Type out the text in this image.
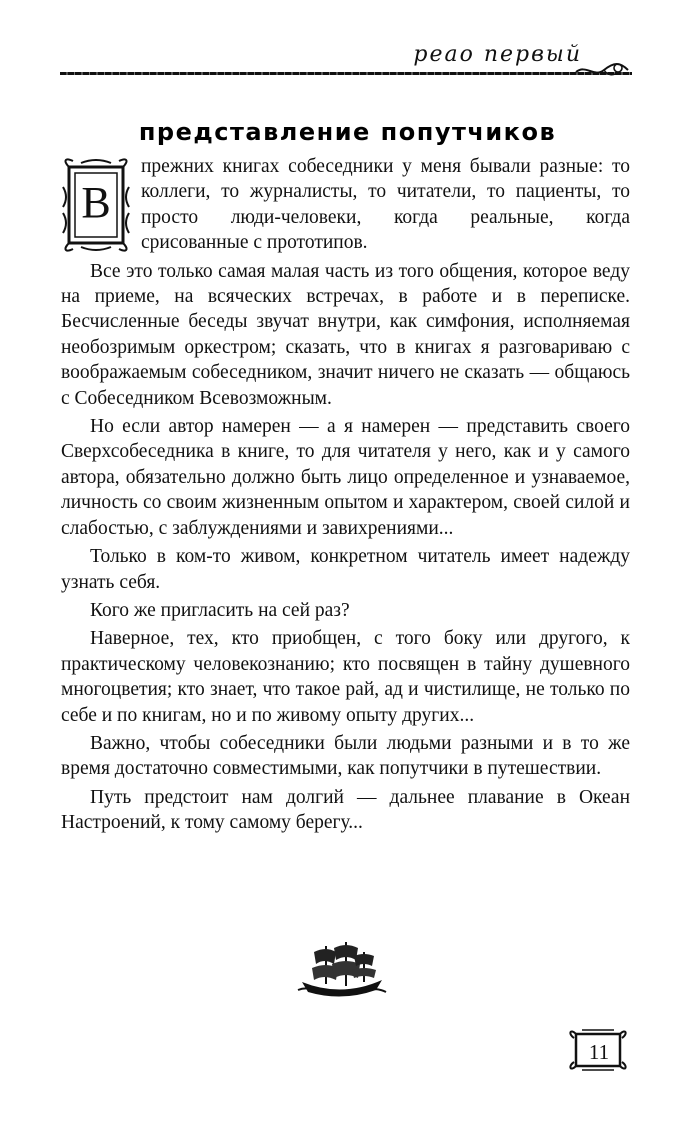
реао первый
представление попутчиков
В

прежних книгах собеседники у меня бывали разные: то коллеги, то журналисты, то читатели, то пациенты, то просто люди-человеки, когда реальные, когда срисованные с прототипов.

Все это только самая малая часть из того общения, которое веду на приеме, на всяческих встречах, в работе и в переписке. Бесчисленные беседы звучат внутри, как симфония, исполняемая необозримым оркестром; сказать, что в книгах я разговариваю с воображаемым собеседником, значит ничего не сказать — общаюсь с Собеседником Всевозможным.

Но если автор намерен — а я намерен — представить своего Сверхсобеседника в книге, то для читателя у него, как и у самого автора, обязательно должно быть лицо определенное и узнаваемое, личность со своим жизненным опытом и характером, своей силой и слабостью, с заблуждениями и завихрениями...

Только в ком-то живом, конкретном читатель имеет надежду узнать себя.

Кого же пригласить на сей раз?

Наверное, тех, кто приобщен, с того боку или другого, к практическому человекознанию; кто посвящен в тайну душевного многоцветия; кто знает, что такое рай, ад и чистилище, не только по себе и по книгам, но и по живому опыту других...

Важно, чтобы собеседники были людьми разными и в то же время достаточно совместимыми, как попутчики в путешествии.

Путь предстоит нам долгий — дальнее плавание в Океан Настроений, к тому самому берегу...

11
